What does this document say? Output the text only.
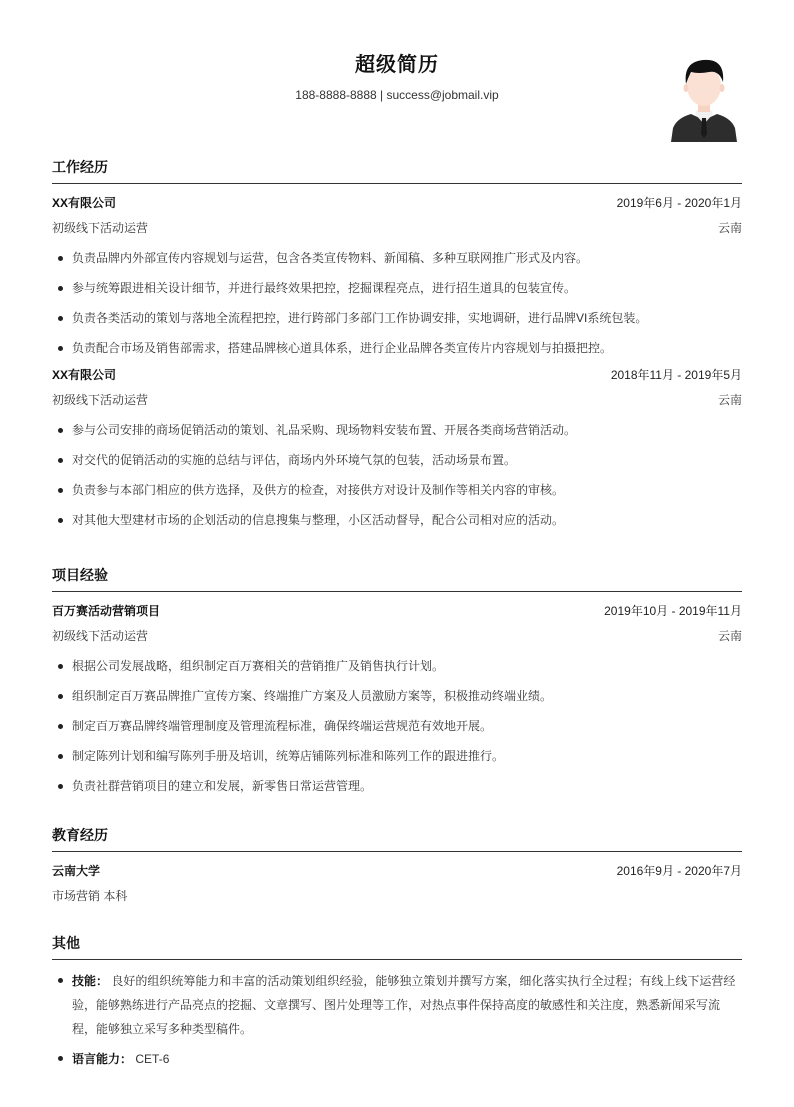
超级简历
188-8888-8888 | success@jobmail.vip
工作经历
XX有限公司	2019年6月 - 2020年1月
初级线下活动运营	云南
负责品牌内外部宣传内容规划与运营，包含各类宣传物料、新闻稿、多种互联网推广形式及内容。
参与统筹跟进相关设计细节，并进行最终效果把控，挖掘课程亮点，进行招生道具的包装宣传。
负责各类活动的策划与落地全流程把控，进行跨部门多部门工作协调安排，实地调研，进行品牌VI系统包装。
负责配合市场及销售部需求，搭建品牌核心道具体系，进行企业品牌各类宣传片内容规划与拍摄把控。
XX有限公司	2018年11月 - 2019年5月
初级线下活动运营	云南
参与公司安排的商场促销活动的策划、礼品采购、现场物料安装布置、开展各类商场营销活动。
对交代的促销活动的实施的总结与评估，商场内外环境气氛的包装，活动场景布置。
负责参与本部门相应的供方选择，及供方的检查，对接供方对设计及制作等相关内容的审核。
对其他大型建材市场的企划活动的信息搜集与整理，小区活动督导，配合公司相对应的活动。
项目经验
百万赛活动营销项目	2019年10月 - 2019年11月
初级线下活动运营	云南
根据公司发展战略，组织制定百万赛相关的营销推广及销售执行计划。
组织制定百万赛品牌推广宣传方案、终端推广方案及人员激励方案等，积极推动终端业绩。
制定百万赛品牌终端管理制度及管理流程标准，确保终端运营规范有效地开展。
制定陈列计划和编写陈列手册及培训，统筹店铺陈列标准和陈列工作的跟进推行。
负责社群营销项目的建立和发展，新零售日常运营管理。
教育经历
云南大学	2016年9月 - 2020年7月
市场营销 本科
其他
技能： 良好的组织统筹能力和丰富的活动策划组织经验，能够独立策划并撰写方案，细化落实执行全过程；有线上线下运营经验，能够熟练进行产品亮点的挖掘、文章撰写、图片处理等工作，对热点事件保持高度的敏感性和关注度，熟悉新闻采写流程，能够独立采写多种类型稿件。
语言能力： CET-6
